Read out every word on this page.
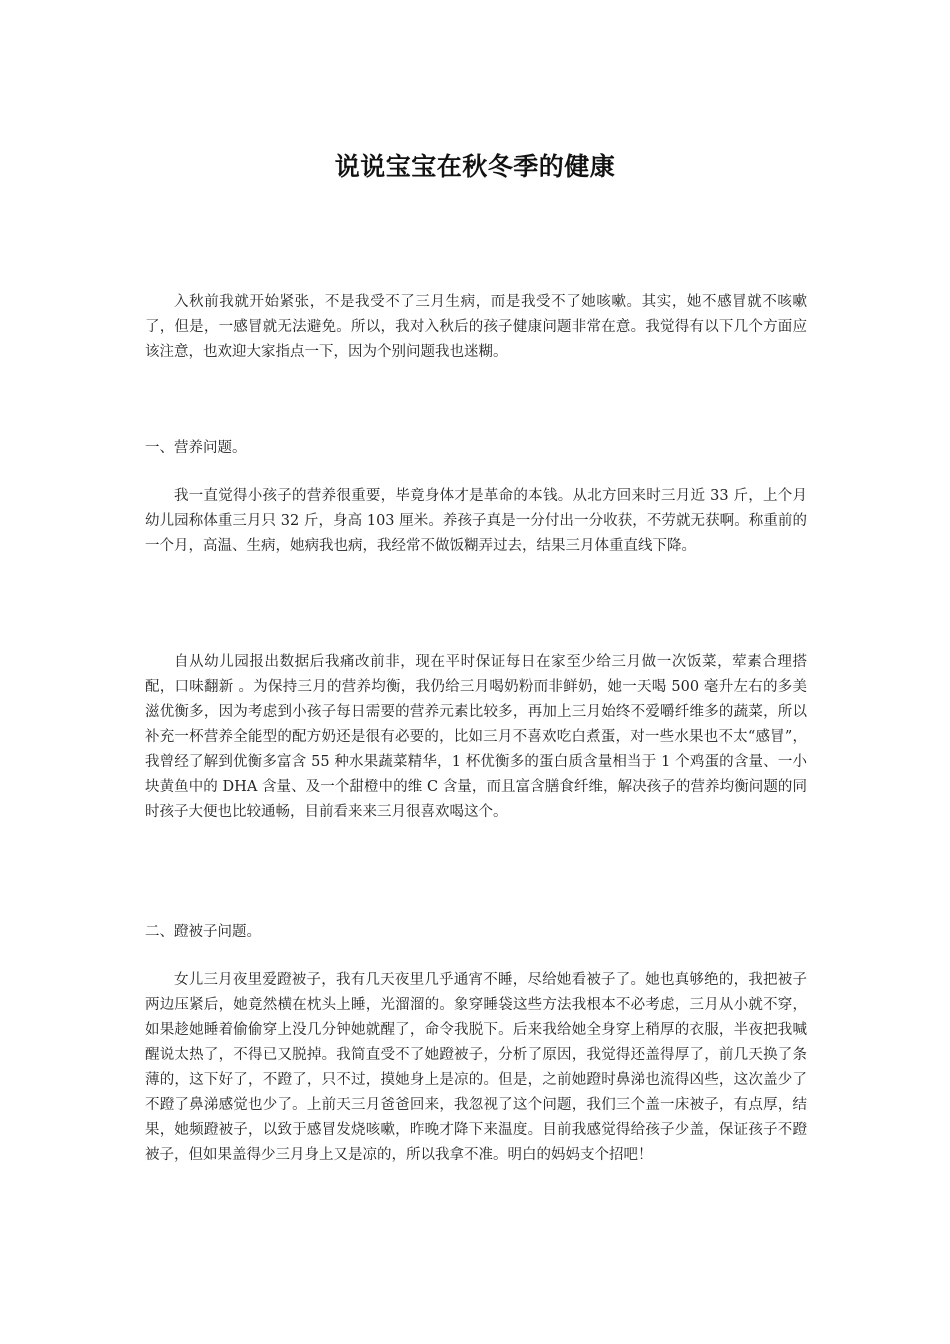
说说宝宝在秋冬季的健康

入秋前我就开始紧张，不是我受不了三月生病，而是我受不了她咳嗽。其实，她不感冒就不咳嗽了，但是，一感冒就无法避免。所以，我对入秋后的孩子健康问题非常在意。我觉得有以下几个方面应该注意，也欢迎大家指点一下，因为个别问题我也迷糊。

一、营养问题。

我一直觉得小孩子的营养很重要，毕竟身体才是革命的本钱。从北方回来时三月近 33 斤，上个月幼儿园称体重三月只 32 斤，身高 103 厘米。养孩子真是一分付出一分收获，不劳就无获啊。称重前的一个月，高温、生病，她病我也病，我经常不做饭糊弄过去，结果三月体重直线下降。

自从幼儿园报出数据后我痛改前非，现在平时保证每日在家至少给三月做一次饭菜，荤素合理搭配，口味翻新 。为保持三月的营养均衡，我仍给三月喝奶粉而非鲜奶，她一天喝 500 毫升左右的多美滋优衡多，因为考虑到小孩子每日需要的营养元素比较多，再加上三月始终不爱嚼纤维多的蔬菜，所以补充一杯营养全能型的配方奶还是很有必要的，比如三月不喜欢吃白煮蛋，对一些水果也不太“感冒”，我曾经了解到优衡多富含 55 种水果蔬菜精华，1 杯优衡多的蛋白质含量相当于 1 个鸡蛋的含量、一小块黄鱼中的 DHA 含量、及一个甜橙中的维 C 含量，而且富含膳食纤维，解决孩子的营养均衡问题的同时孩子大便也比较通畅，目前看来来三月很喜欢喝这个。

二、蹬被子问题。

女儿三月夜里爱蹬被子，我有几天夜里几乎通宵不睡，尽给她看被子了。她也真够绝的，我把被子两边压紧后，她竟然横在枕头上睡，光溜溜的。象穿睡袋这些方法我根本不必考虑，三月从小就不穿，如果趁她睡着偷偷穿上没几分钟她就醒了，命令我脱下。后来我给她全身穿上稍厚的衣服，半夜把我喊醒说太热了，不得已又脱掉。我简直受不了她蹬被子，分析了原因，我觉得还盖得厚了，前几天换了条薄的，这下好了，不蹬了，只不过，摸她身上是凉的。但是，之前她蹬时鼻涕也流得凶些，这次盖少了不蹬了鼻涕感觉也少了。上前天三月爸爸回来，我忽视了这个问题，我们三个盖一床被子，有点厚，结果，她频蹬被子，以致于感冒发烧咳嗽，昨晚才降下来温度。目前我感觉得给孩子少盖，保证孩子不蹬被子，但如果盖得少三月身上又是凉的，所以我拿不准。明白的妈妈支个招吧！
